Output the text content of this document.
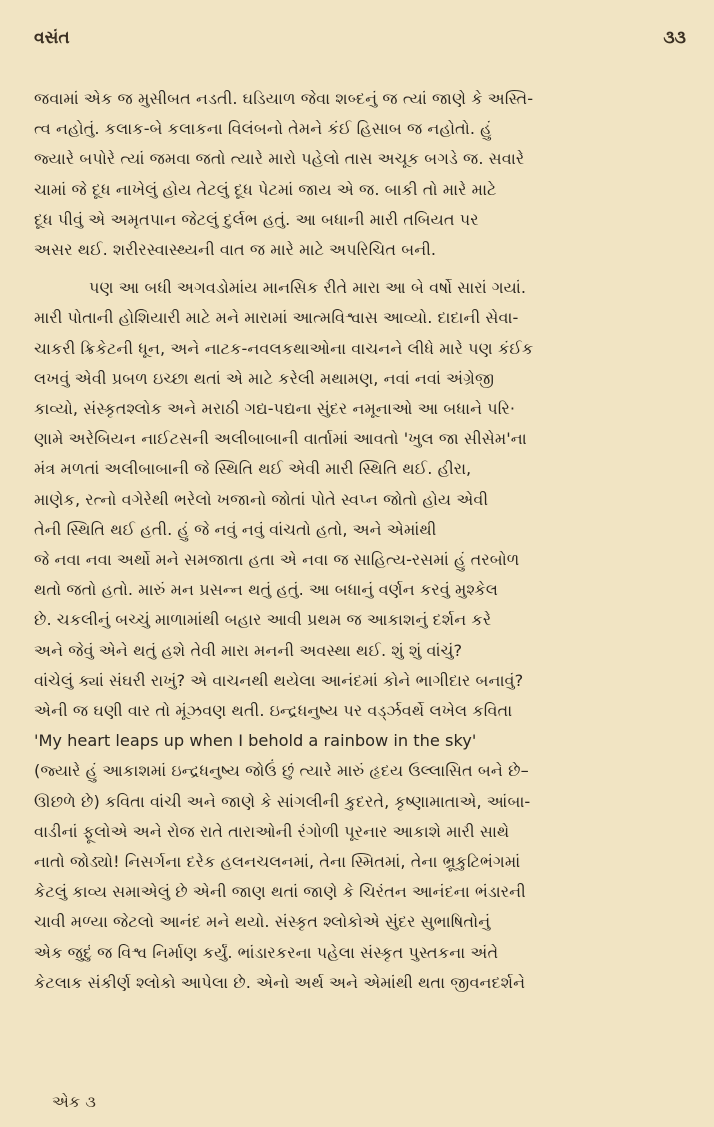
વસંત	૩૩

જવામાં એક જ મુસીબત નડતી. ઘડિયાળ જેવા શબ્દનું જ ત્યાં જાણે કે અસ્તિ-

ત્વ નહોતું. કલાક-બે કલાકના વિલંબનો તેમને કંઈ હિસાબ જ નહોતો. હું

જ્યારે બપોરે ત્યાં જમવા જતો ત્યારે મારો પહેલો તાસ અચૂક બગડે જ. સવારે

ચામાં જે દૂધ નાખેલું હોય તેટલું દૂધ પેટમાં જાય એ જ. બાકી તો મારે માટે

દૂધ પીવું એ અમૃતપાન જેટલું દુર્લભ હતું. આ બધાની મારી તબિયત પર

અસર થઈ. શરીરસ્વાસ્થ્યની વાત જ મારે માટે અપરિચિત બની.

પણ આ બધી અગવડોમાંય માનસિક રીતે મારા આ બે વર્ષો સારાં ગયાં.

મારી પોતાની હોશિયારી માટે મને મારામાં આત્મવિશ્વાસ આવ્યો. દાદાની સેવા-

ચાકરી ક્રિકેટની ધૂન, અને નાટક-નવલકથાઓના વાચનને લીધે મારે પણ કંઈક

લખવું એવી પ્રબળ ઇચ્છા થતાં એ માટે કરેલી મથામણ, નવાં નવાં અંગ્રેજી

કાવ્યો, સંસ્કૃતશ્લોક અને મરાઠી ગદ્ય-પદ્યના સુંદર નમૂનાઓ આ બધાને પરિ·

ણામે અરેબિયન નાઈટસની અલીબાબાની વાર્તામાં આવતો 'ખુલ જા સીસેમ'ના

મંત્ર મળતાં અલીબાબાની જે સ્થિતિ થઈ એવી મારી સ્થિતિ થઈ. હીરા,

માણેક, રત્નો વગેરેથી ભરેલો ખજાનો જોતાં પોતે સ્વપ્ન જોતો હોય એવી

તેની સ્થિતિ થઈ હતી. હું જે નવું નવું વાંચતો હતો, અને એમાંથી

જે નવા નવા અર્થો મને સમજાતા હતા એ નવા જ સાહિત્ય-રસમાં હું તરબોળ

થતો જતો હતો. મારું મન પ્રસન્ન થતું હતું. આ બધાનું વર્ણન કરવું મુશ્કેલ

છે. ચકલીનું બચ્ચું માળામાંથી બહાર આવી પ્રથમ જ આકાશનું દર્શન કરે

અને જેવું એને થતું હશે તેવી મારા મનની અવસ્થા થઈ. શું શું વાંચું?

વાંચેલું ક્યાં સંઘરી રાખું? એ વાચનથી થયેલા આનંદમાં કોને ભાગીદાર બનાવું?

એની જ ઘણી વાર તો મૂંઝવણ થતી. ઇન્દ્રધનુષ્ય પર વર્ડ્ઝવર્થે લખેલ કવિતા

'My heart leaps up when I behold a rainbow in the sky'

(જ્યારે હું આકાશમાં ઇન્દ્રધનુષ્ય જોઉં છું ત્યારે મારું હૃદય ઉલ્લાસિત બને છે–

ઊછળે છે) કવિતા વાંચી અને જાણે કે સાંગલીની કુદરતે, કૃષ્ણામાતાએ, આંબા-

વાડીનાં ફૂલોએ અને રોજ રાતે તારાઓની રંગોળી પૂરનાર આકાશે મારી સાથે

નાતો જોડ્યો! નિસર્ગના દરેક હલનચલનમાં, તેના સ્મિતમાં, તેના ભ્રૂકુટિભંગમાં

કેટલું કાવ્ય સમાએલું છે એની જાણ થતાં જાણે કે ચિરંતન આનંદના ભંડારની

ચાવી મળ્યા જેટલો આનંદ મને થયો. સંસ્કૃત શ્લોકોએ સુંદર સુભાષિતોનું

એક જુદું જ વિશ્વ નિર્માણ કર્યું. ભાંડારકરના પહેલા સંસ્કૃત પુસ્તકના અંતે

કેટલાક સંકીર્ણ શ્લોકો આપેલા છે. એનો અર્થ અને એમાંથી થતા જીવનદર્શને

એક ૩
